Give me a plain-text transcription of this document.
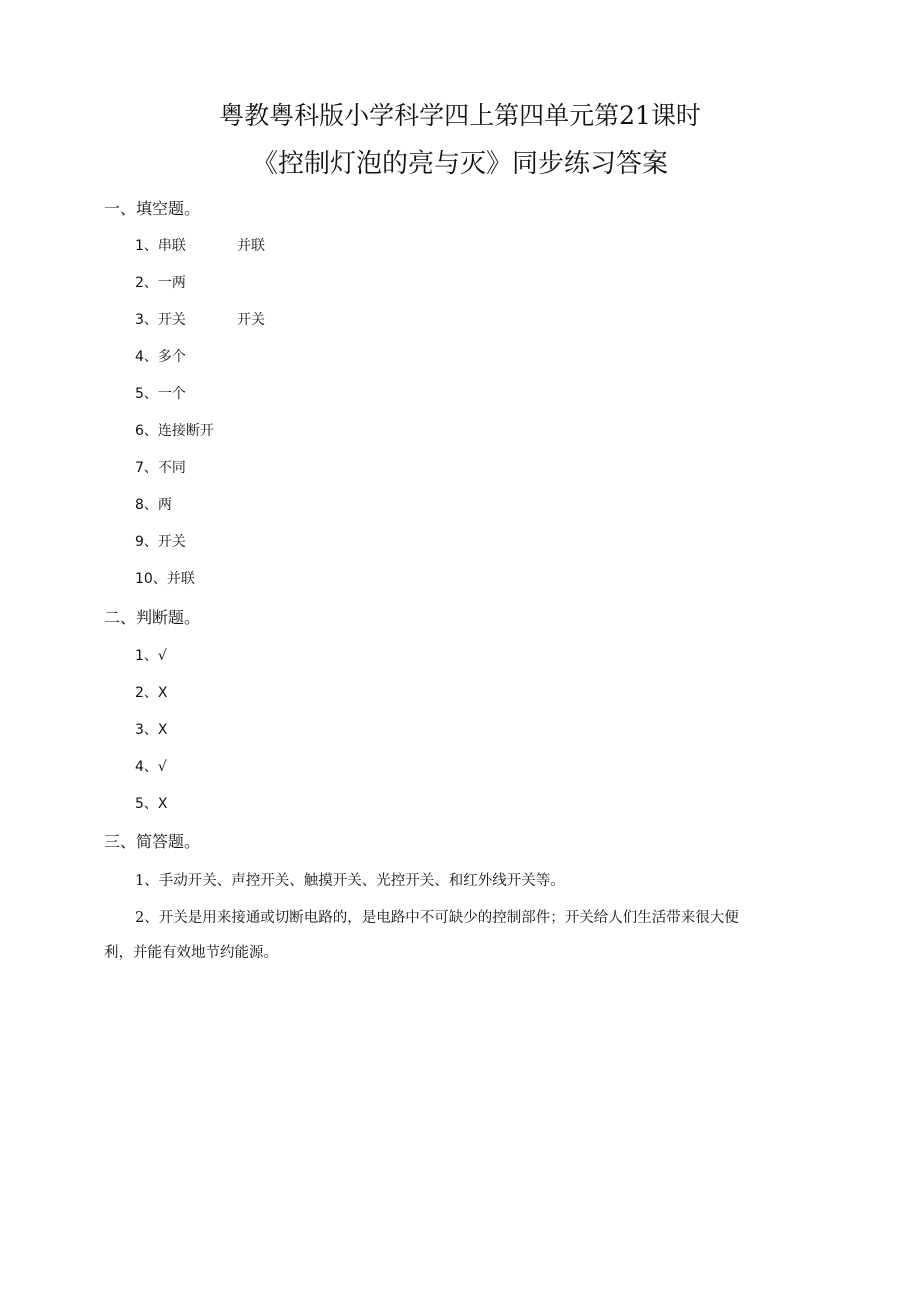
粤教粤科版小学科学四上第四单元第21课时
《控制灯泡的亮与灭》同步练习答案
一、填空题。
1、串联	并联
2、一两
3、开关	开关
4、多个
5、一个
6、连接断开
7、不同
8、两
9、开关
10、并联
二、判断题。
1、√
2、X
3、X
4、√
5、X
三、简答题。
1、手动开关、声控开关、触摸开关、光控开关、和红外线开关等。
2、开关是用来接通或切断电路的，是电路中不可缺少的控制部件；开关给人们生活带来很大便
利，并能有效地节约能源。
